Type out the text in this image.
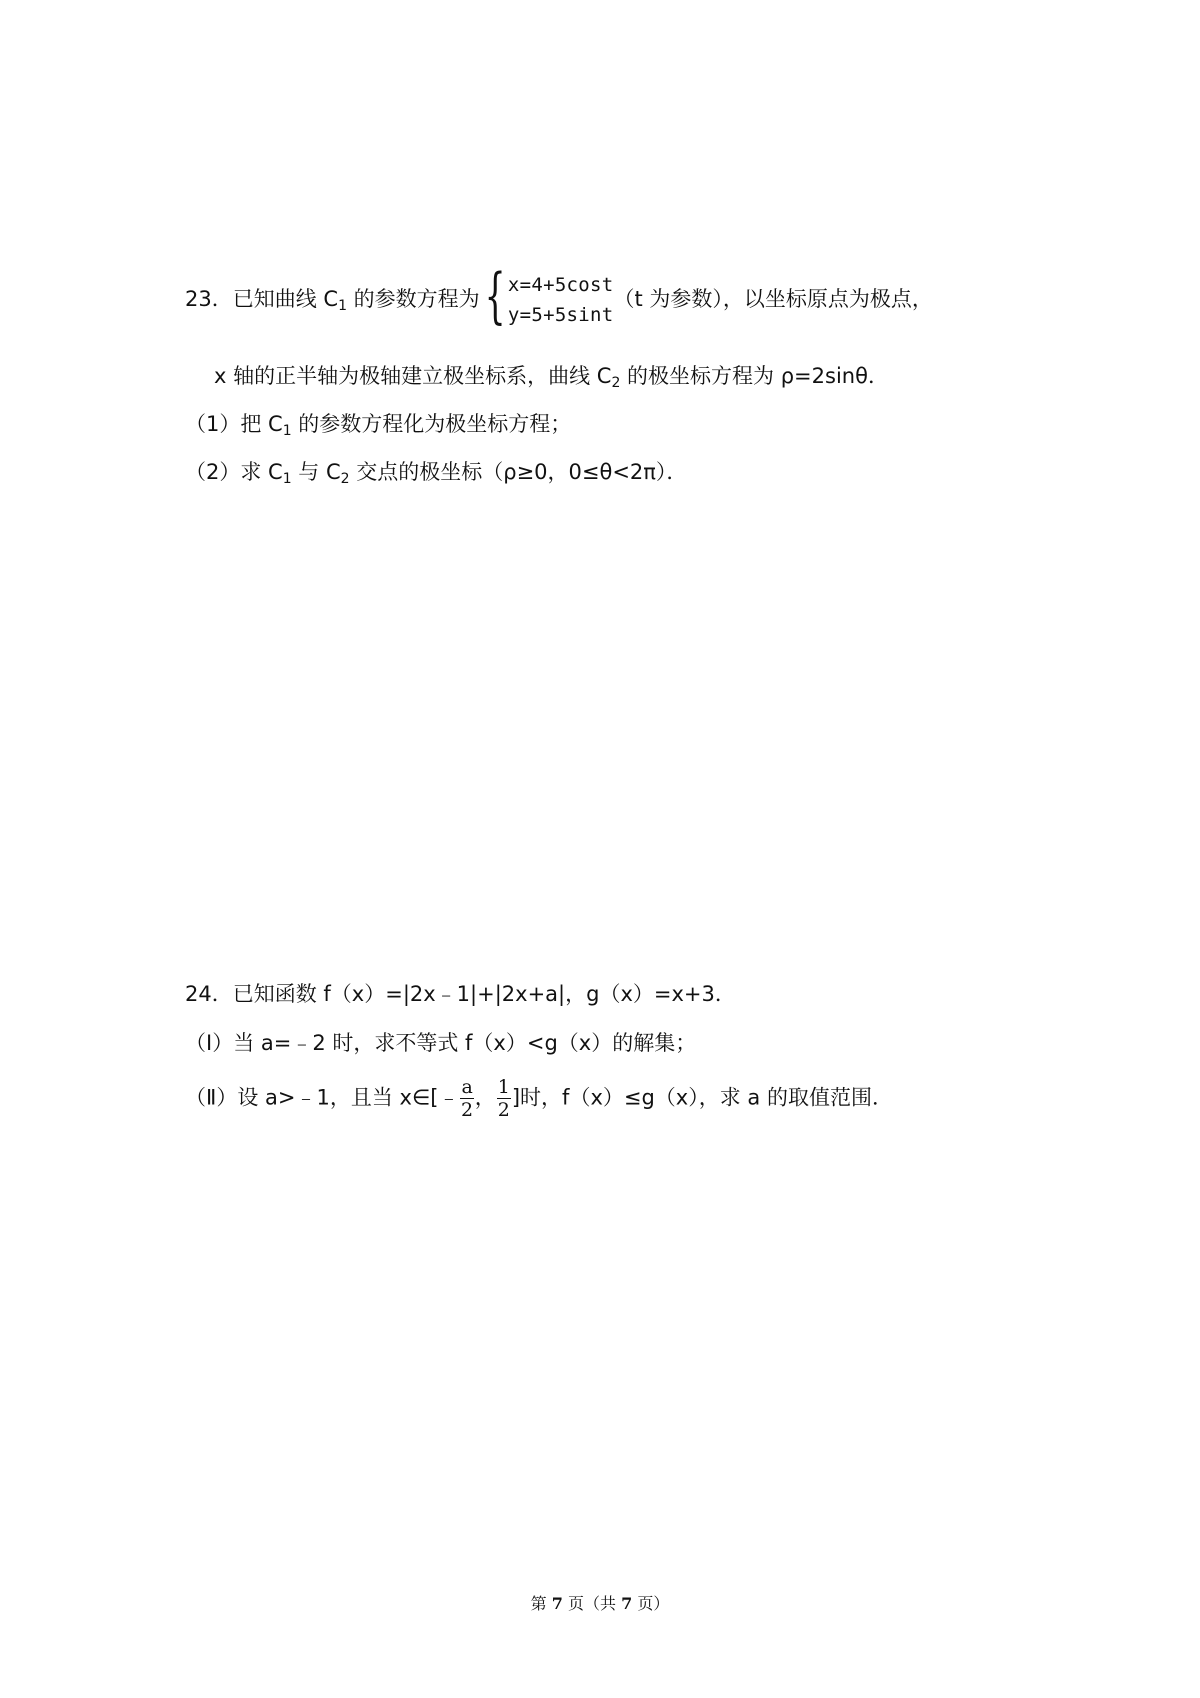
23．已知曲线 $C_1$ 的参数方程为{ x=4+5cost
y=5+5sint
（t 为参数），以坐标原点为极点，
x 轴的正半轴为极轴建立极坐标系，曲线 $C_2$ 的极坐标方程为 ρ=2sinθ．
（1）把 $C_1$ 的参数方程化为极坐标方程；
（2）求 $C_1$ 与 $C_2$ 交点的极坐标（ρ≥0，0≤θ<2π）．
24．已知函数 f（x）=|2x﹣1|+|2x+a|，g（x）=x+3．
（Ⅰ）当 a=﹣2 时，求不等式 f（x）<g（x）的解集；
（Ⅱ）设 a>﹣1，且当 x∈[﹣ $\frac{a}{2}$ ， $\frac{1}{2}$ ]时，f（x）≤g（x），求 a 的取值范围．
第 7 页（共 7 页）
